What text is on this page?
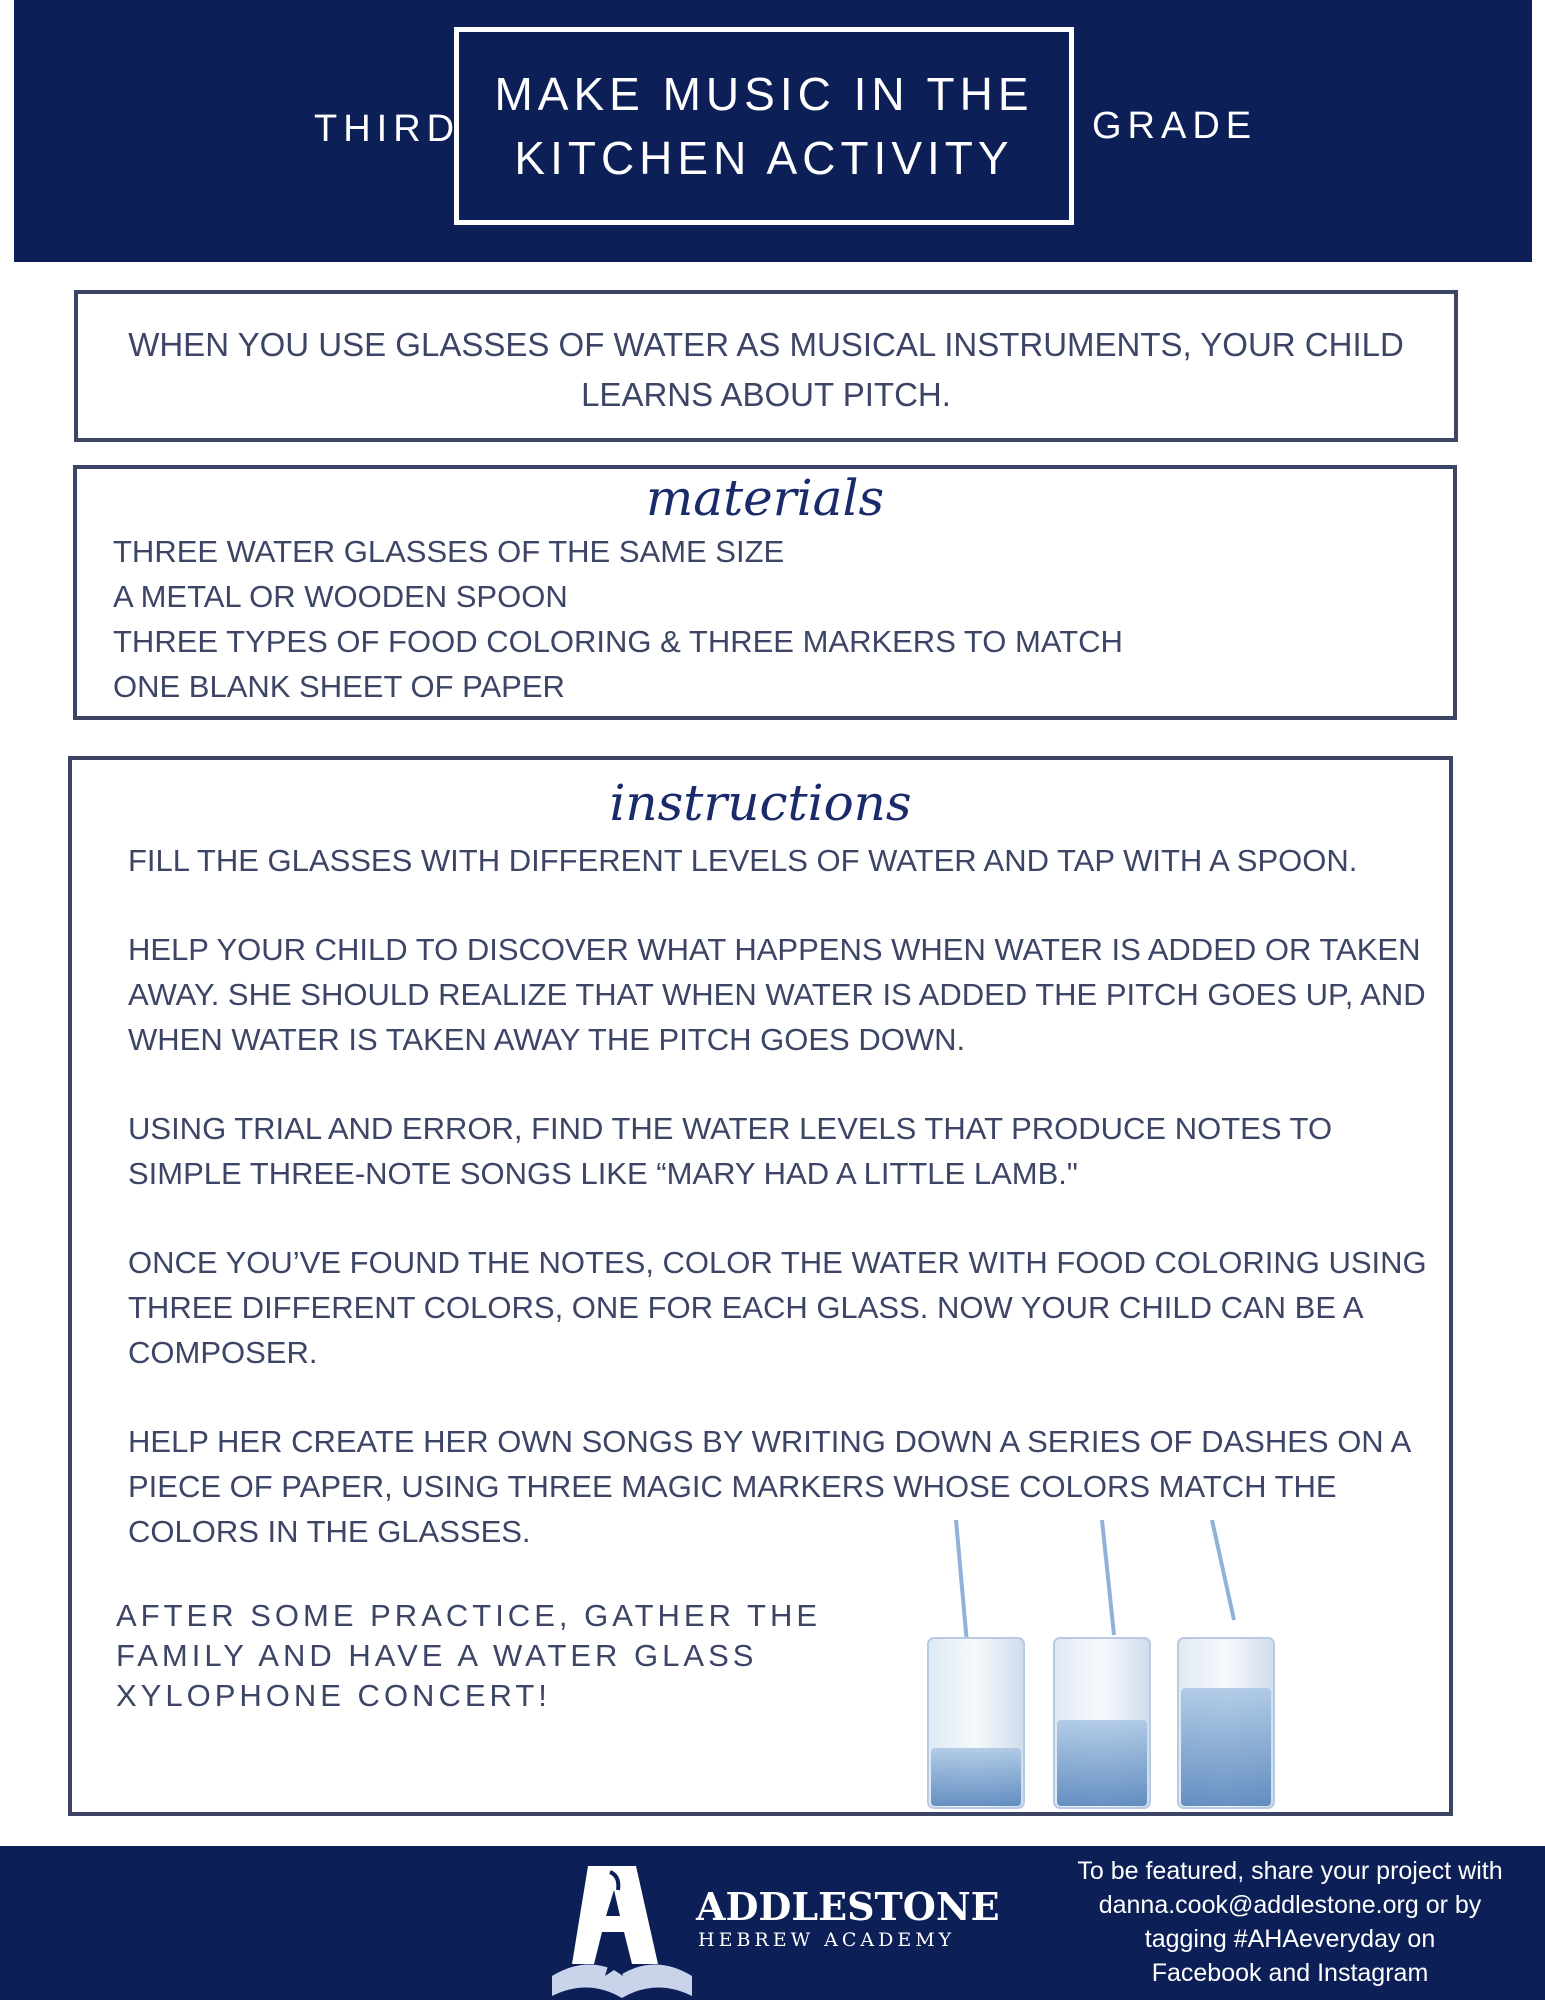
THIRD
MAKE MUSIC IN THE KITCHEN ACTIVITY
GRADE
WHEN YOU USE GLASSES OF WATER AS MUSICAL INSTRUMENTS, YOUR CHILD LEARNS ABOUT PITCH.
materials
THREE WATER GLASSES OF THE SAME SIZE
A METAL OR WOODEN SPOON
THREE TYPES OF FOOD COLORING & THREE MARKERS TO MATCH
ONE BLANK SHEET OF PAPER
instructions

FILL THE GLASSES WITH DIFFERENT LEVELS OF WATER AND TAP WITH A SPOON.

HELP YOUR CHILD TO DISCOVER WHAT HAPPENS WHEN WATER IS ADDED OR TAKEN AWAY. SHE SHOULD REALIZE THAT WHEN WATER IS ADDED THE PITCH GOES UP, AND WHEN WATER IS TAKEN AWAY THE PITCH GOES DOWN.

USING TRIAL AND ERROR, FIND THE WATER LEVELS THAT PRODUCE NOTES TO SIMPLE THREE-NOTE SONGS LIKE “MARY HAD A LITTLE LAMB."

ONCE YOU’VE FOUND THE NOTES, COLOR THE WATER WITH FOOD COLORING USING THREE DIFFERENT COLORS, ONE FOR EACH GLASS. NOW YOUR CHILD CAN BE A COMPOSER.

HELP HER CREATE HER OWN SONGS BY WRITING DOWN A SERIES OF DASHES ON A PIECE OF PAPER, USING THREE MAGIC MARKERS WHOSE COLORS MATCH THE COLORS IN THE GLASSES.

AFTER SOME PRACTICE, GATHER THE FAMILY AND HAVE A WATER GLASS XYLOPHONE CONCERT!
ADDLESTONE
HEBREW ACADEMY
To be featured, share your project with
danna.cook@addlestone.org or by
tagging #AHAeveryday on
Facebook and Instagram
